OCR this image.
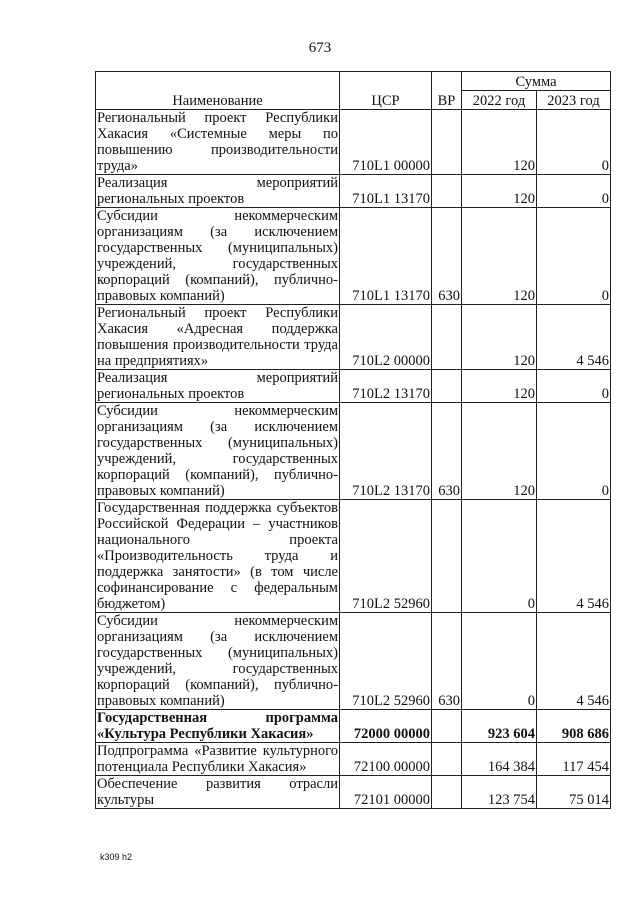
673
Наименование	ЦСР	ВР	Сумма	
			2022 год	2023 год
Региональный проект Республики Хакасия «Системные меры по повышению производительности труда»	710L1 00000		120	0
Реализация мероприятий региональных проектов	710L1 13170		120	0
Субсидии некоммерческим организациям (за исключением государственных (муниципальных) учреждений, государственных корпораций (компаний), публично-правовых компаний)	710L1 13170	630	120	0
Региональный проект Республики Хакасия «Адресная поддержка повышения производительности труда на предприятиях»	710L2 00000		120	4 546
Реализация мероприятий региональных проектов	710L2 13170		120	0
Субсидии некоммерческим организациям (за исключением государственных (муниципальных) учреждений, государственных корпораций (компаний), публично-правовых компаний)	710L2 13170	630	120	0
Государственная поддержка субъектов Российской Федерации – участников национального проекта «Производительность труда и поддержка занятости» (в том числе софинансирование с федеральным бюджетом)	710L2 52960		0	4 546
Субсидии некоммерческим организациям (за исключением государственных (муниципальных) учреждений, государственных корпораций (компаний), публично-правовых компаний)	710L2 52960	630	0	4 546
Государственная программа «Культура Республики Хакасия»	72000 00000		923 604	908 686
Подпрограмма «Развитие культурного потенциала Республики Хакасия»	72100 00000		164 384	117 454
Обеспечение развития отрасли культуры	72101 00000		123 754	75 014
k309 h2
